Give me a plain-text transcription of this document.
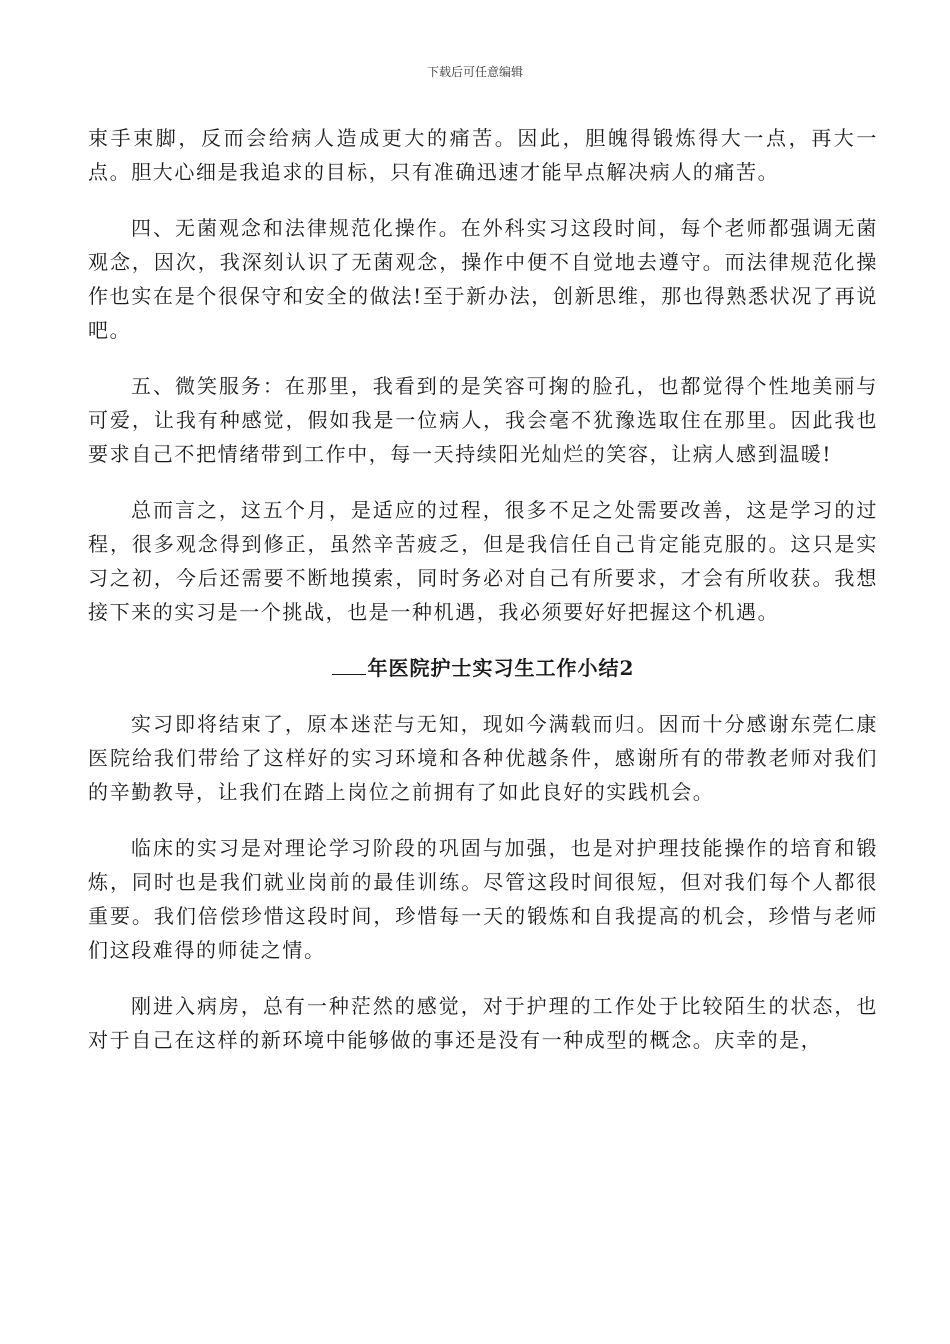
下载后可任意编辑

束手束脚，反而会给病人造成更大的痛苦。因此，胆魄得锻炼得大一点，再大一点。胆大心细是我追求的目标，只有准确迅速才能早点解决病人的痛苦。

四、无菌观念和法律规范化操作。在外科实习这段时间，每个老师都强调无菌观念，因次，我深刻认识了无菌观念，操作中便不自觉地去遵守。而法律规范化操作也实在是个很保守和安全的做法!至于新办法，创新思维，那也得熟悉状况了再说吧。

五、微笑服务：在那里，我看到的是笑容可掬的脸孔，也都觉得个性地美丽与可爱，让我有种感觉，假如我是一位病人，我会毫不犹豫选取住在那里。因此我也要求自己不把情绪带到工作中，每一天持续阳光灿烂的笑容，让病人感到温暖!

总而言之，这五个月，是适应的过程，很多不足之处需要改善，这是学习的过程，很多观念得到修正，虽然辛苦疲乏，但是我信任自己肯定能克服的。这只是实习之初，今后还需要不断地摸索，同时务必对自己有所要求，才会有所收获。我想接下来的实习是一个挑战，也是一种机遇，我必须要好好把握这个机遇。

年医院护士实习生工作小结2

实习即将结束了，原本迷茫与无知，现如今满载而归。因而十分感谢东莞仁康医院给我们带给了这样好的实习环境和各种优越条件，感谢所有的带教老师对我们的辛勤教导，让我们在踏上岗位之前拥有了如此良好的实践机会。

临床的实习是对理论学习阶段的巩固与加强，也是对护理技能操作的培育和锻炼，同时也是我们就业岗前的最佳训练。尽管这段时间很短，但对我们每个人都很重要。我们倍偿珍惜这段时间，珍惜每一天的锻炼和自我提高的机会，珍惜与老师们这段难得的师徒之情。

刚进入病房，总有一种茫然的感觉，对于护理的工作处于比较陌生的状态，也对于自己在这样的新环境中能够做的事还是没有一种成型的概念。庆幸的是，
